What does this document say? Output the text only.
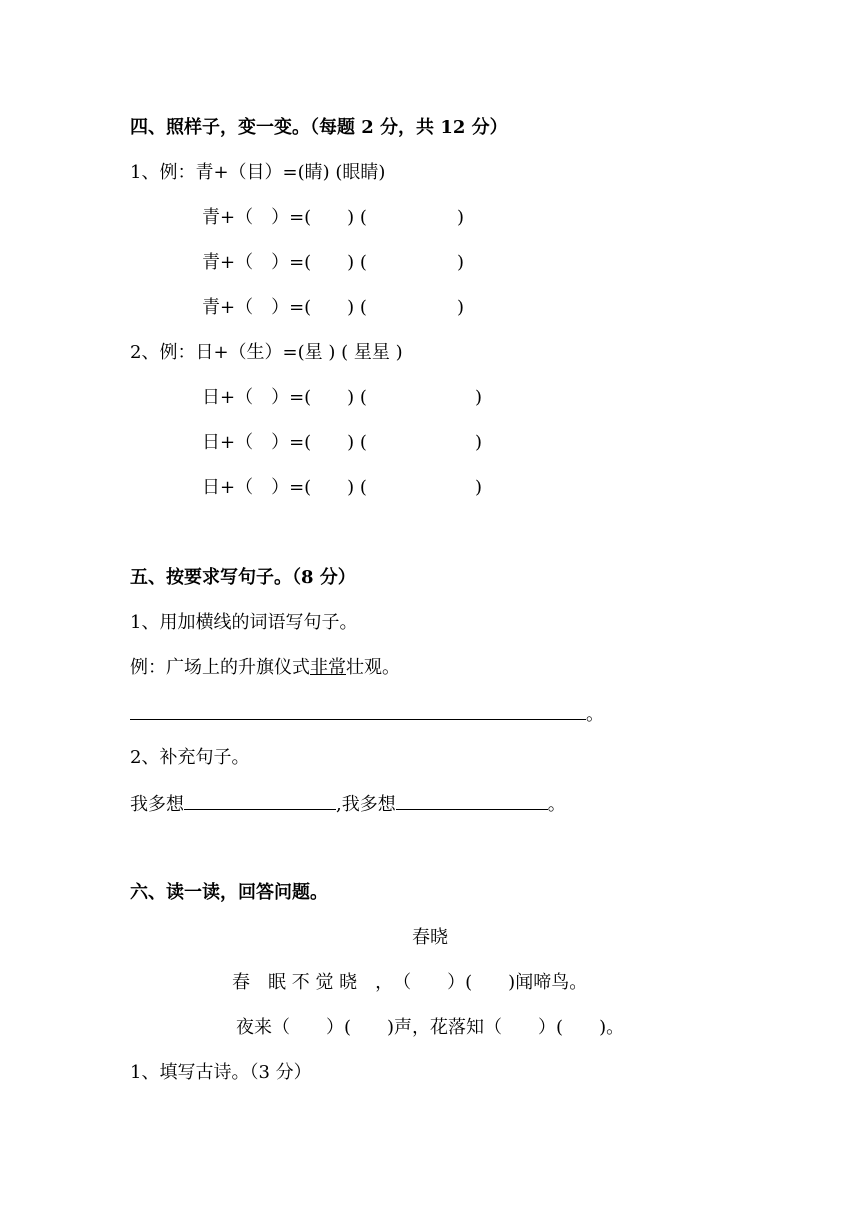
四、照样子，变一变。（每题 2 分，共 12 分）
1、例：青+（目）=(睛) (眼睛)
青+（　）=(　　) (　　　　　)
青+（　）=(　　) (　　　　　)
青+（　）=(　　) (　　　　　)
2、例：日+（生）=(星 ) ( 星星 )
日+（　）=(　　) (　　　　　　)
日+（　）=(　　) (　　　　　　)
日+（　）=(　　) (　　　　　　)
五、按要求写句子。（8 分）
1、用加横线的词语写句子。
例：广场上的升旗仪式非常壮观。
。
2、补充句子。
我多想	,我多想	。
六、读一读，回答问题。
春晓
春　眠 不 觉 晓　，　（　　）(　　)闻啼鸟。
夜来（　　）(　　)声，花落知（　　）(　　)。
1、填写古诗。（3 分）
